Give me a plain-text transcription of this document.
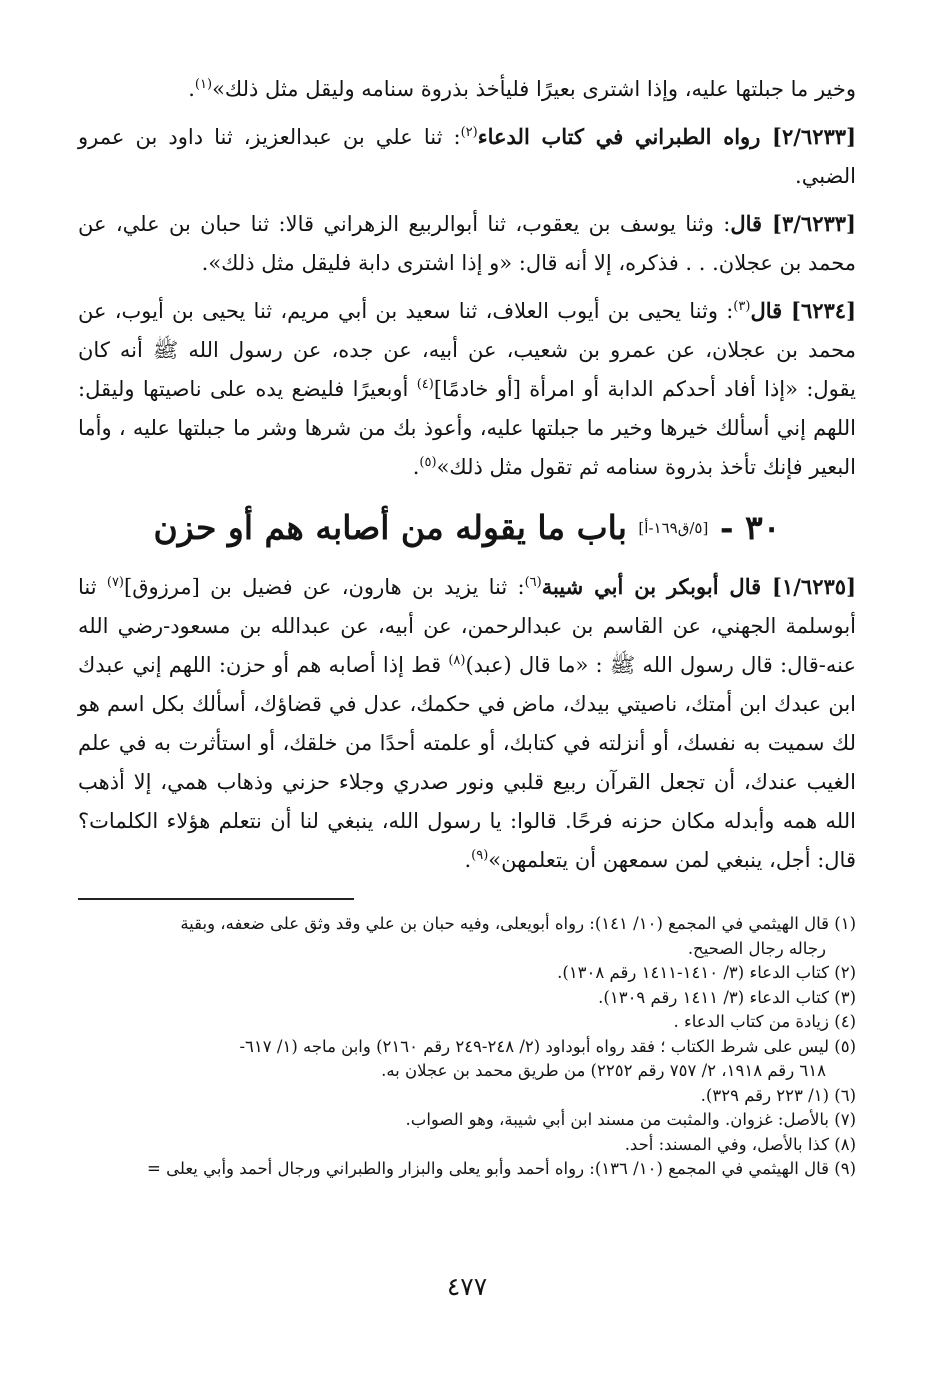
وخير ما جبلتها عليه، وإذا اشترى بعيرًا فليأخذ بذروة سنامه وليقل مثل ذلك»$^{(١)}$.

[٢/٦٢٣٣] رواه الطبراني في كتاب الدعاء$^{(٢)}$: ثنا علي بن عبدالعزيز، ثنا داود بن عمرو الضبي.

[٣/٦٢٣٣] قال: وثنا يوسف بن يعقوب، ثنا أبوالربيع الزهراني قالا: ثنا حبان بن علي، عن محمد بن عجلان. . . فذكره، إلا أنه قال: «و إذا اشترى دابة فليقل مثل ذلك».

[٦٢٣٤] قال$^{(٣)}$: وثنا يحيى بن أيوب العلاف، ثنا سعيد بن أبي مريم، ثنا يحيى بن أيوب، عن محمد بن عجلان، عن عمرو بن شعيب، عن أبيه، عن جده، عن رسول الله ﷺ أنه كان يقول: «إذا أفاد أحدكم الدابة أو امرأة [أو خادمًا]$^{(٤)}$ أوبعيرًا فليضع يده على ناصيتها وليقل: اللهم إني أسألك خيرها وخير ما جبلتها عليه، وأعوذ بك من شرها وشر ما جبلتها عليه ، وأما البعير فإنك تأخذ بذروة سنامه ثم تقول مثل ذلك»$^{(٥)}$.

٣٠ - [٥/ق١٦٩-أ] باب ما يقوله من أصابه هم أو حزن

[١/٦٢٣٥] قال أبوبكر بن أبي شيبة$^{(٦)}$: ثنا يزيد بن هارون، عن فضيل بن [مرزوق]$^{(٧)}$ ثنا أبوسلمة الجهني، عن القاسم بن عبدالرحمن، عن أبيه، عن عبدالله بن مسعود-رضي الله عنه-قال: قال رسول الله ﷺ : «ما قال (عبد)$^{(٨)}$ قط إذا أصابه هم أو حزن: اللهم إني عبدك ابن عبدك ابن أمتك، ناصيتي بيدك، ماض في حكمك، عدل في قضاؤك، أسألك بكل اسم هو لك سميت به نفسك، أو أنزلته في كتابك، أو علمته أحدًا من خلقك، أو استأثرت به في علم الغيب عندك، أن تجعل القرآن ربيع قلبي ونور صدري وجلاء حزني وذهاب همي، إلا أذهب الله همه وأبدله مكان حزنه فرحًا. قالوا: يا رسول الله، ينبغي لنا أن نتعلم هؤلاء الكلمات؟ قال: أجل، ينبغي لمن سمعهن أن يتعلمهن»$^{(٩)}$.

(١) قال الهيثمي في المجمع (١٠/ ١٤١): رواه أبويعلى، وفيه حبان بن علي وقد وثق على ضعفه، وبقية
رجاله رجال الصحيح.

(٢) كتاب الدعاء (٣/ ١٤١٠-١٤١١ رقم ١٣٠٨).

(٣) كتاب الدعاء (٣/ ١٤١١ رقم ١٣٠٩).

(٤) زيادة من كتاب الدعاء .

(٥) ليس على شرط الكتاب ؛ فقد رواه أبوداود (٢/ ٢٤٨-٢٤٩ رقم ٢١٦٠) وابن ماجه (١/ ٦١٧-
٦١٨ رقم ١٩١٨، ٢/ ٧٥٧ رقم ٢٢٥٢) من طريق محمد بن عجلان به.

(٦) (١/ ٢٢٣ رقم ٣٢٩).

(٧) بالأصل: غزوان. والمثبت من مسند ابن أبي شيبة، وهو الصواب.

(٨) كذا بالأصل، وفي المسند: أحد.

(٩) قال الهيثمي في المجمع (١٠/ ١٣٦): رواه أحمد وأبو يعلى والبزار والطبراني ورجال أحمد وأبي يعلى =

٤٧٧
